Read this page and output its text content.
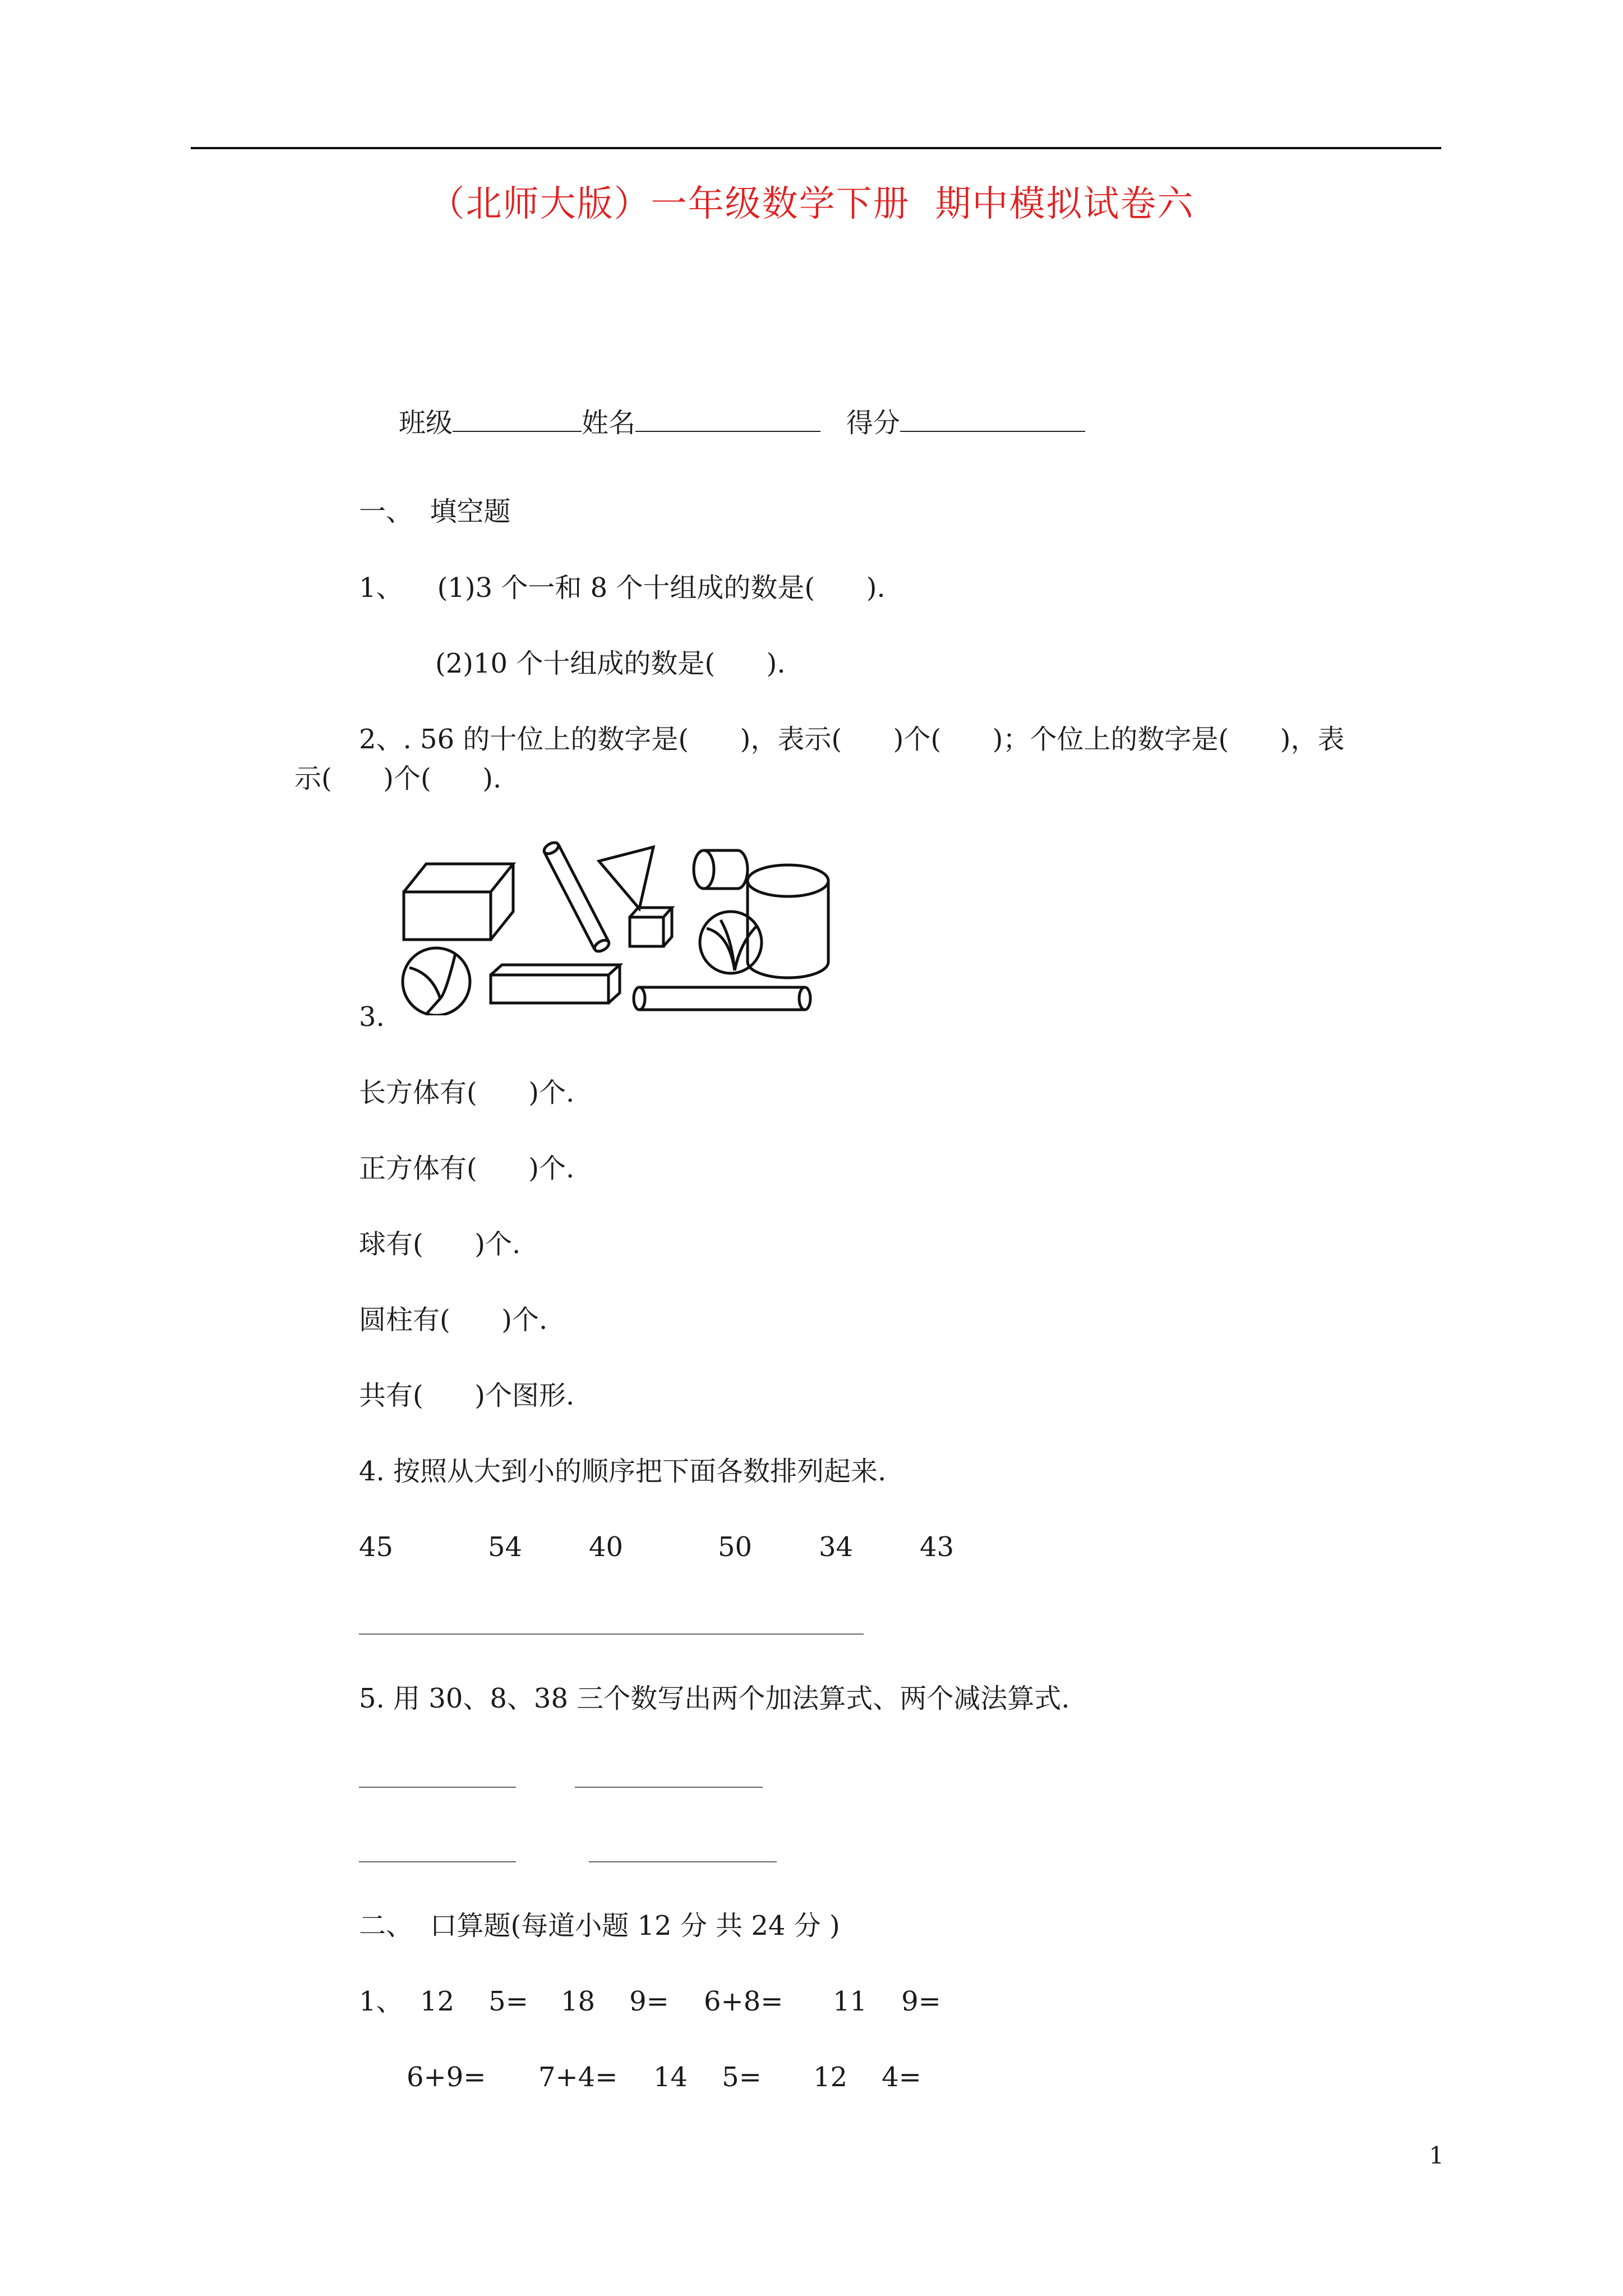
（北师大版）一年级数学下册  期中模拟试卷六

班级	姓名	得分

一、  填空题
1、    (1)3 个一和 8 个十组成的数是(      ).
(2)10 个十组成的数是(      ).
2、. 56 的十位上的数字是(      )，表示(      )个(      )；个位上的数字是(      )，表
示(      )个(      ).
3.
长方体有(      )个.
正方体有(      )个.
球有(      )个.
圆柱有(      )个.
共有(      )个图形.
4. 按照从大到小的顺序把下面各数排列起来.

45

	54

40

	50

34

43

5. 用 30、8、38 三个数写出两个加法算式、两个减法算式.
二、  口算题(每道小题 12 分 共 24 分 )
1、  12    5= 18    9= 6+8= 11    9=
6+9= 7+4= 14    5= 12    4=
1
